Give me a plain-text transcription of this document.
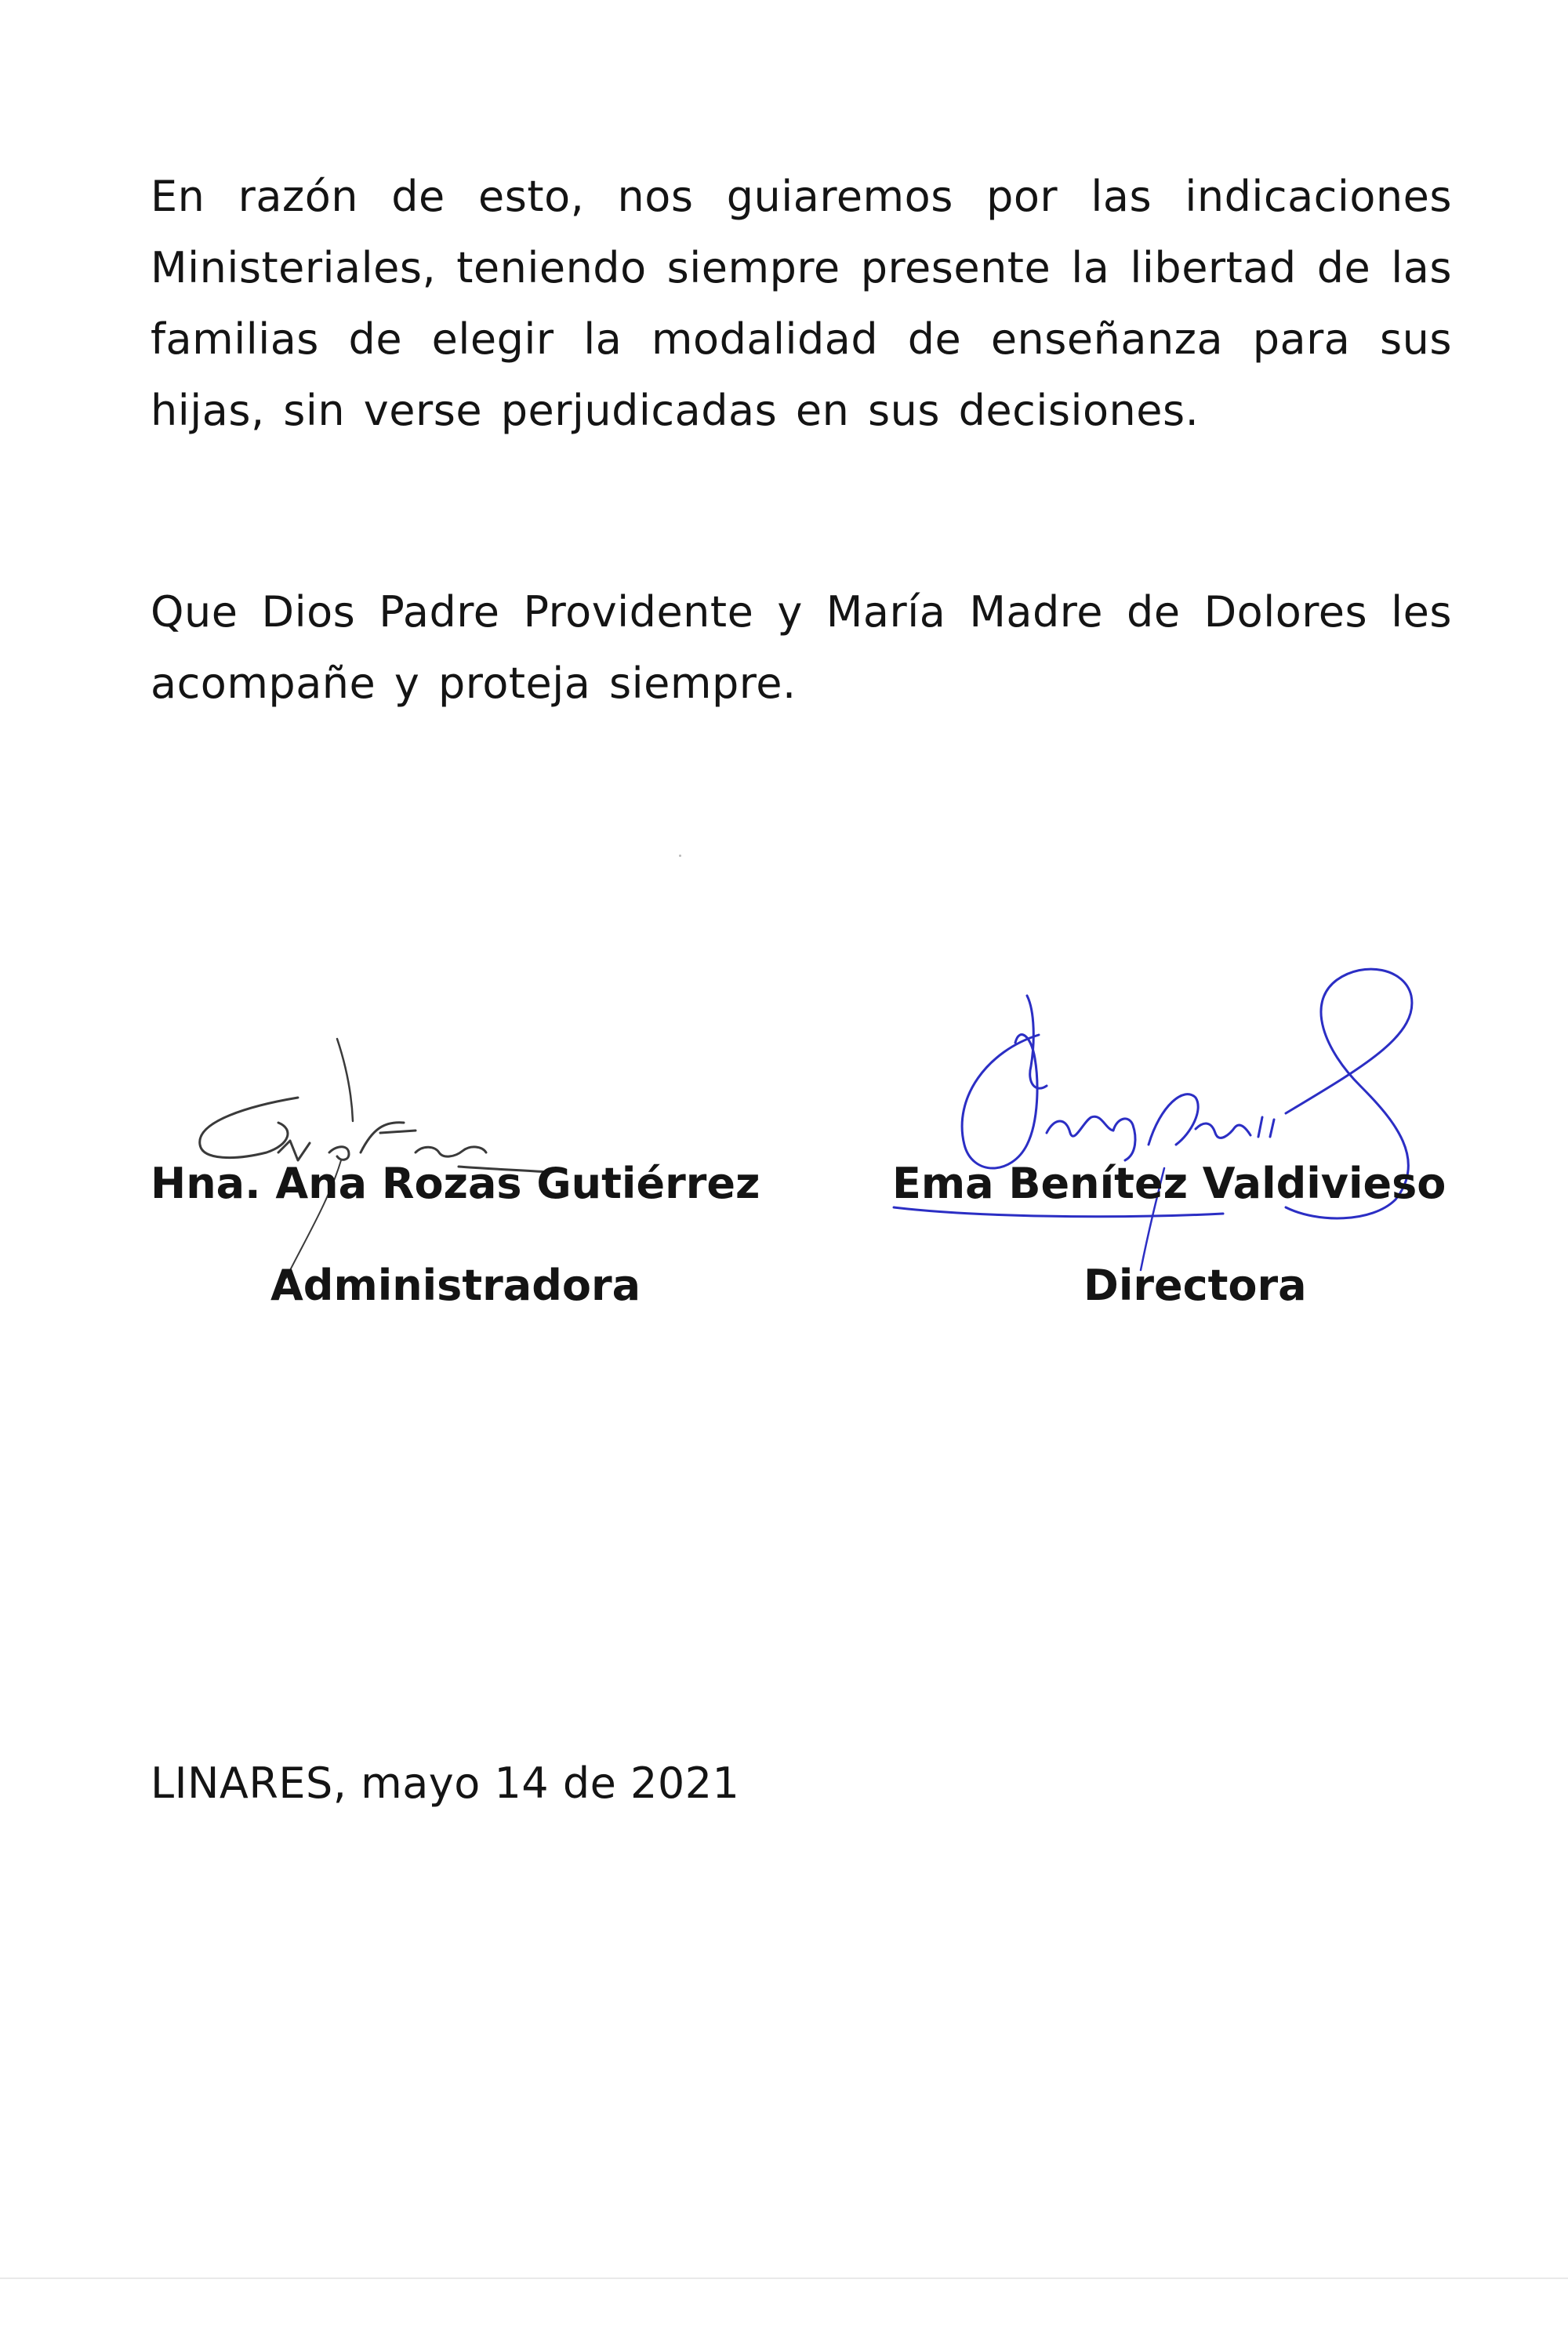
En razón de esto, nos guiaremos por las indicaciones Ministeriales, teniendo siempre presente la libertad de las familias de elegir la modalidad de enseñanza para sus hijas, sin verse perjudicadas en sus decisiones.

Que Dios Padre Providente y María Madre de Dolores les acompañe y proteja siempre.

Hna. Ana Rozas Gutiérrez
Administradora
Ema Benítez Valdivieso
Directora
LINARES, mayo 14 de 2021
